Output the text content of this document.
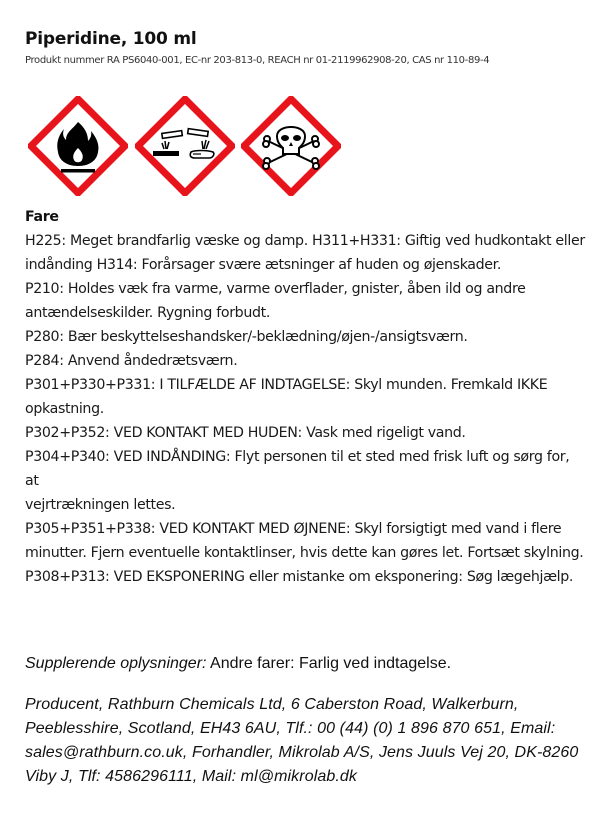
Piperidine, 100 ml

Produkt nummer RA PS6040-001, EC-nr 203-813-0, REACH nr 01-2119962908-20, CAS nr 110-89-4

Fare
H225: Meget brandfarlig væske og damp. H311+H331: Giftig ved hudkontakt eller indånding H314: Forårsager svære ætsninger af huden og øjenskader.
P210: Holdes væk fra varme, varme overflader, gnister, åben ild og andre antændelseskilder. Rygning forbudt.
P280: Bær beskyttelseshandsker/-beklædning/øjen-/ansigtsværn.
P284: Anvend åndedrætsværn.
P301+P330+P331: I TILFÆLDE AF INDTAGELSE: Skyl munden. Fremkald IKKE opkastning.
P302+P352: VED KONTAKT MED HUDEN: Vask med rigeligt vand.
P304+P340: VED INDÅNDING: Flyt personen til et sted med frisk luft og sørg for, at
vejrtrækningen lettes.
P305+P351+P338: VED KONTAKT MED ØJNENE: Skyl forsigtigt med vand i flere minutter. Fjern eventuelle kontaktlinser, hvis dette kan gøres let. Fortsæt skylning.
P308+P313: VED EKSPONERING eller mistanke om eksponering: Søg lægehjælp.
Supplerende oplysninger: Andre farer: Farlig ved indtagelse.
Producent, Rathburn Chemicals Ltd, 6 Caberston Road, Walkerburn, Peeblesshire, Scotland, EH43 6AU, Tlf.: 00 (44) (0) 1 896 870 651, Email: sales@rathburn.co.uk, Forhandler, Mikrolab A/S, Jens Juuls Vej 20, DK-8260 Viby J, Tlf: 4586296111, Mail: ml@mikrolab.dk
